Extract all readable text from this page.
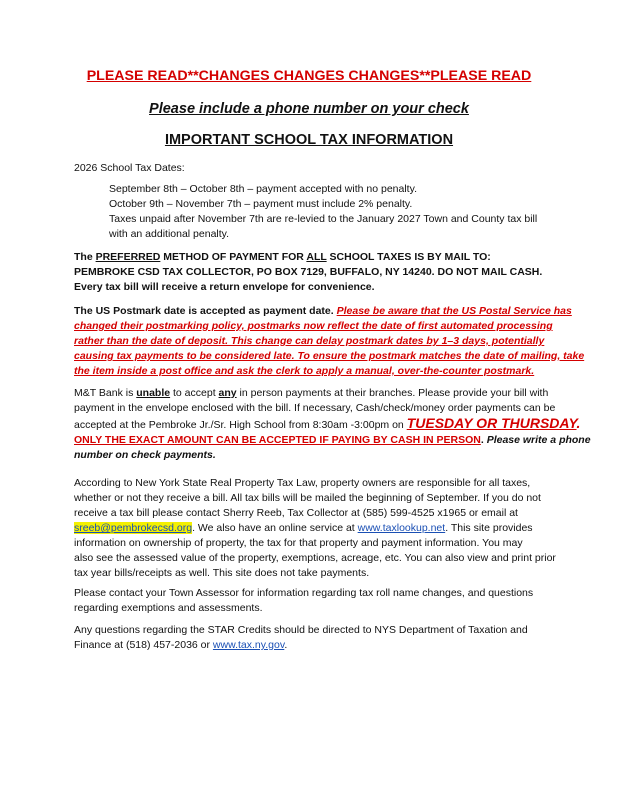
PLEASE READ**CHANGES CHANGES CHANGES**PLEASE READ
Please include a phone number on your check
IMPORTANT SCHOOL TAX INFORMATION
2026 School Tax Dates:
September 8th – October 8th – payment accepted with no penalty.
October 9th – November 7th – payment must include 2% penalty.
Taxes unpaid after November 7th are re-levied to the January 2027 Town and County tax bill
with an additional penalty.
The PREFERRED METHOD OF PAYMENT FOR ALL SCHOOL TAXES IS BY MAIL TO:
PEMBROKE CSD TAX COLLECTOR, PO BOX 7129, BUFFALO, NY 14240. DO NOT MAIL CASH.
Every tax bill will receive a return envelope for convenience.
The US Postmark date is accepted as payment date. Please be aware that the US Postal Service has
changed their postmarking policy, postmarks now reflect the date of first automated processing
rather than the date of deposit. This change can delay postmark dates by 1–3 days, potentially
causing tax payments to be considered late. To ensure the postmark matches the date of mailing, take
the item inside a post office and ask the clerk to apply a manual, over-the-counter postmark.
M&T Bank is unable to accept any in person payments at their branches. Please provide your bill with
payment in the envelope enclosed with the bill. If necessary, Cash/check/money order payments can be
accepted at the Pembroke Jr./Sr. High School from 8:30am -3:00pm on TUESDAY OR THURSDAY.
ONLY THE EXACT AMOUNT CAN BE ACCEPTED IF PAYING BY CASH IN PERSON. Please write a phone
number on check payments.
According to New York State Real Property Tax Law, property owners are responsible for all taxes,
whether or not they receive a bill. All tax bills will be mailed the beginning of September. If you do not
receive a tax bill please contact Sherry Reeb, Tax Collector at (585) 599-4525 x1965 or email at
sreeb@pembrokecsd.org. We also have an online service at www.taxlookup.net. This site provides
information on ownership of property, the tax for that property and payment information. You may
also see the assessed value of the property, exemptions, acreage, etc. You can also view and print prior
tax year bills/receipts as well. This site does not take payments.
Please contact your Town Assessor for information regarding tax roll name changes, and questions
regarding exemptions and assessments.
Any questions regarding the STAR Credits should be directed to NYS Department of Taxation and
Finance at (518) 457-2036 or www.tax.ny.gov.
